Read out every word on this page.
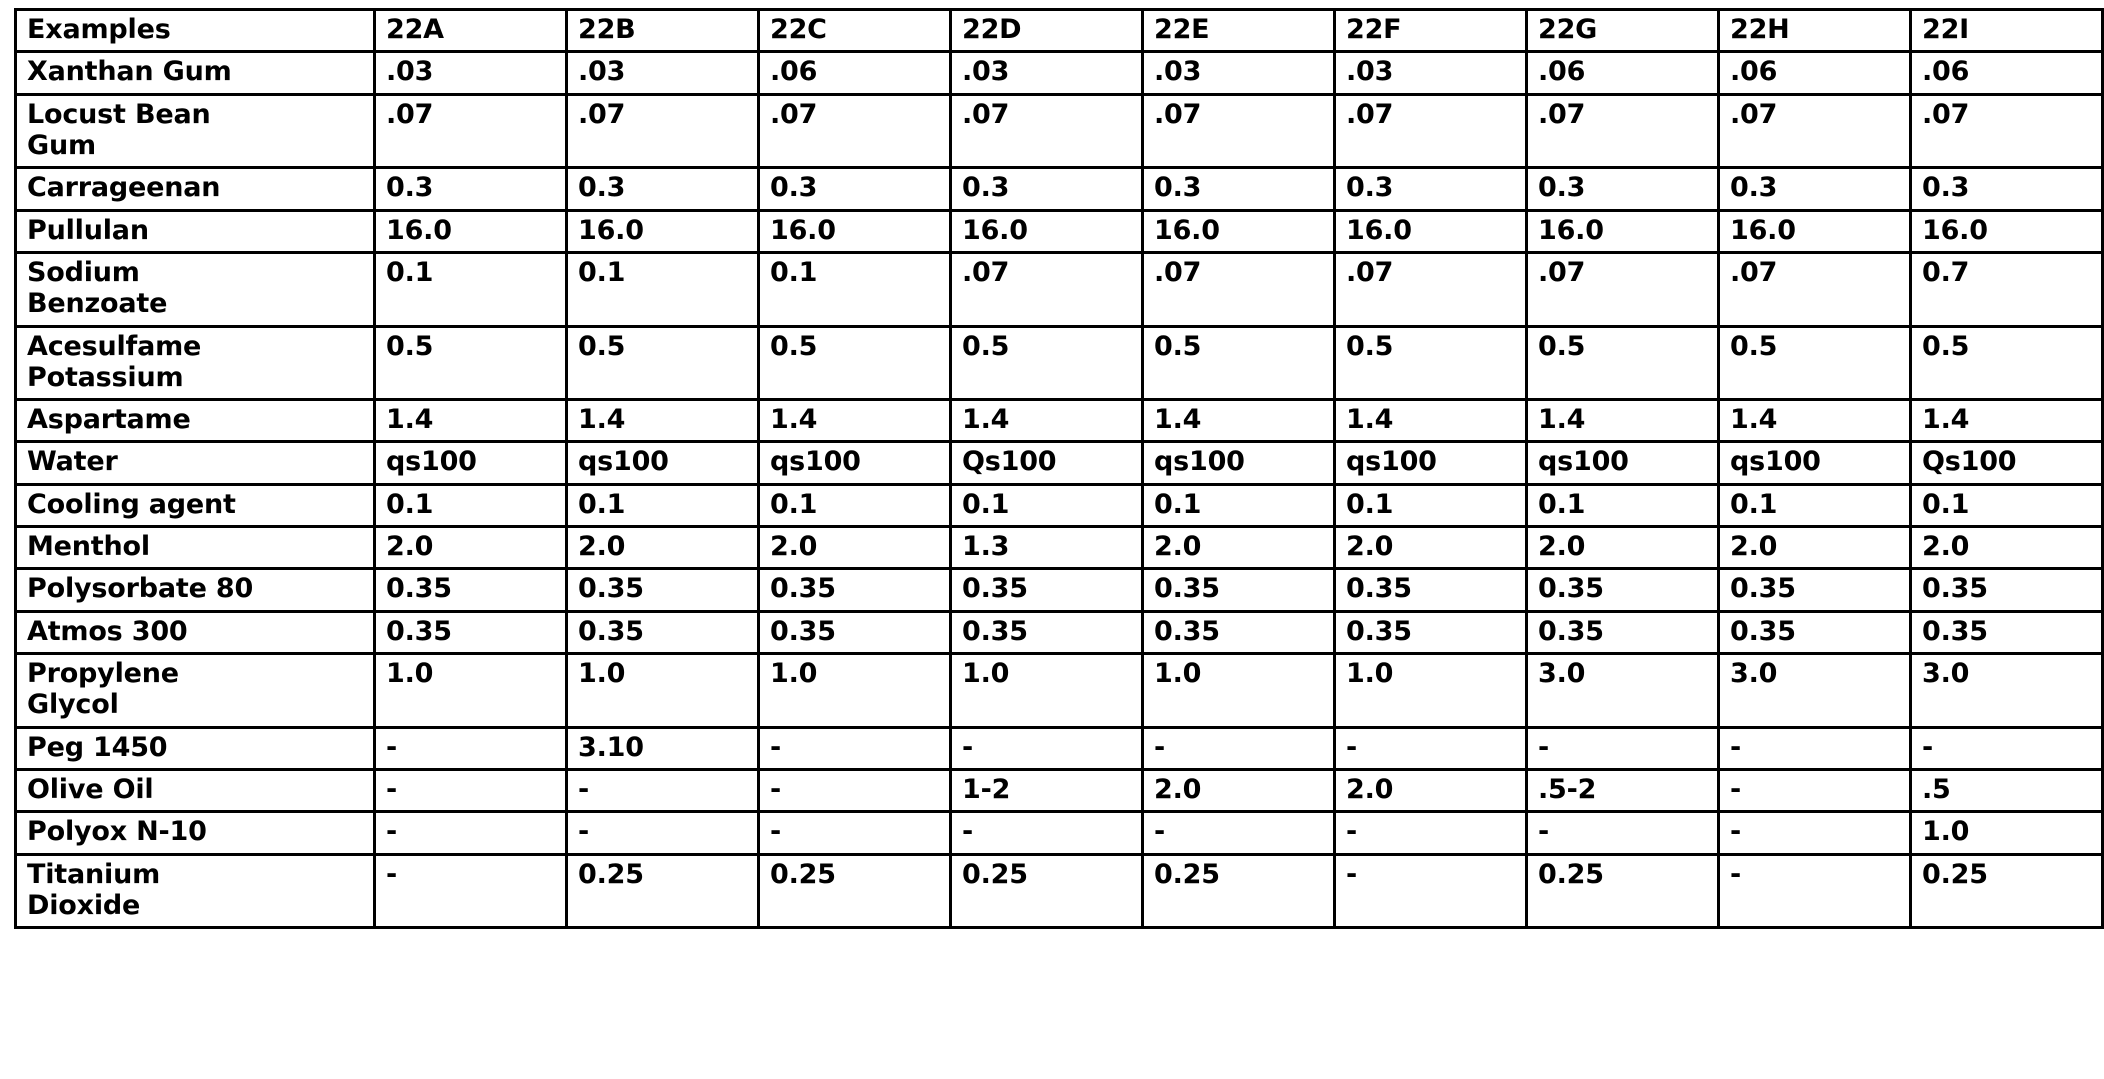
Examples	22A	22B	22C	22D	22E	22F	22G	22H	22I
Xanthan Gum	.03	.03	.06	.03	.03	.03	.06	.06	.06
Locust Bean
Gum	.07	.07	.07	.07	.07	.07	.07	.07	.07
Carrageenan	0.3	0.3	0.3	0.3	0.3	0.3	0.3	0.3	0.3
Pullulan	16.0	16.0	16.0	16.0	16.0	16.0	16.0	16.0	16.0
Sodium
Benzoate	0.1	0.1	0.1	.07	.07	.07	.07	.07	0.7
Acesulfame
Potassium	0.5	0.5	0.5	0.5	0.5	0.5	0.5	0.5	0.5
Aspartame	1.4	1.4	1.4	1.4	1.4	1.4	1.4	1.4	1.4
Water	qs100	qs100	qs100	Qs100	qs100	qs100	qs100	qs100	Qs100
Cooling agent	0.1	0.1	0.1	0.1	0.1	0.1	0.1	0.1	0.1
Menthol	2.0	2.0	2.0	1.3	2.0	2.0	2.0	2.0	2.0
Polysorbate 80	0.35	0.35	0.35	0.35	0.35	0.35	0.35	0.35	0.35
Atmos 300	0.35	0.35	0.35	0.35	0.35	0.35	0.35	0.35	0.35
Propylene
Glycol	1.0	1.0	1.0	1.0	1.0	1.0	3.0	3.0	3.0
Peg 1450	-	3.10	-	-	-	-	-	-	-
Olive Oil	-	-	-	1-2	2.0	2.0	.5-2	-	.5
Polyox N-10	-	-	-	-	-	-	-	-	1.0
Titanium
Dioxide	-	0.25	0.25	0.25	0.25	-	0.25	-	0.25
